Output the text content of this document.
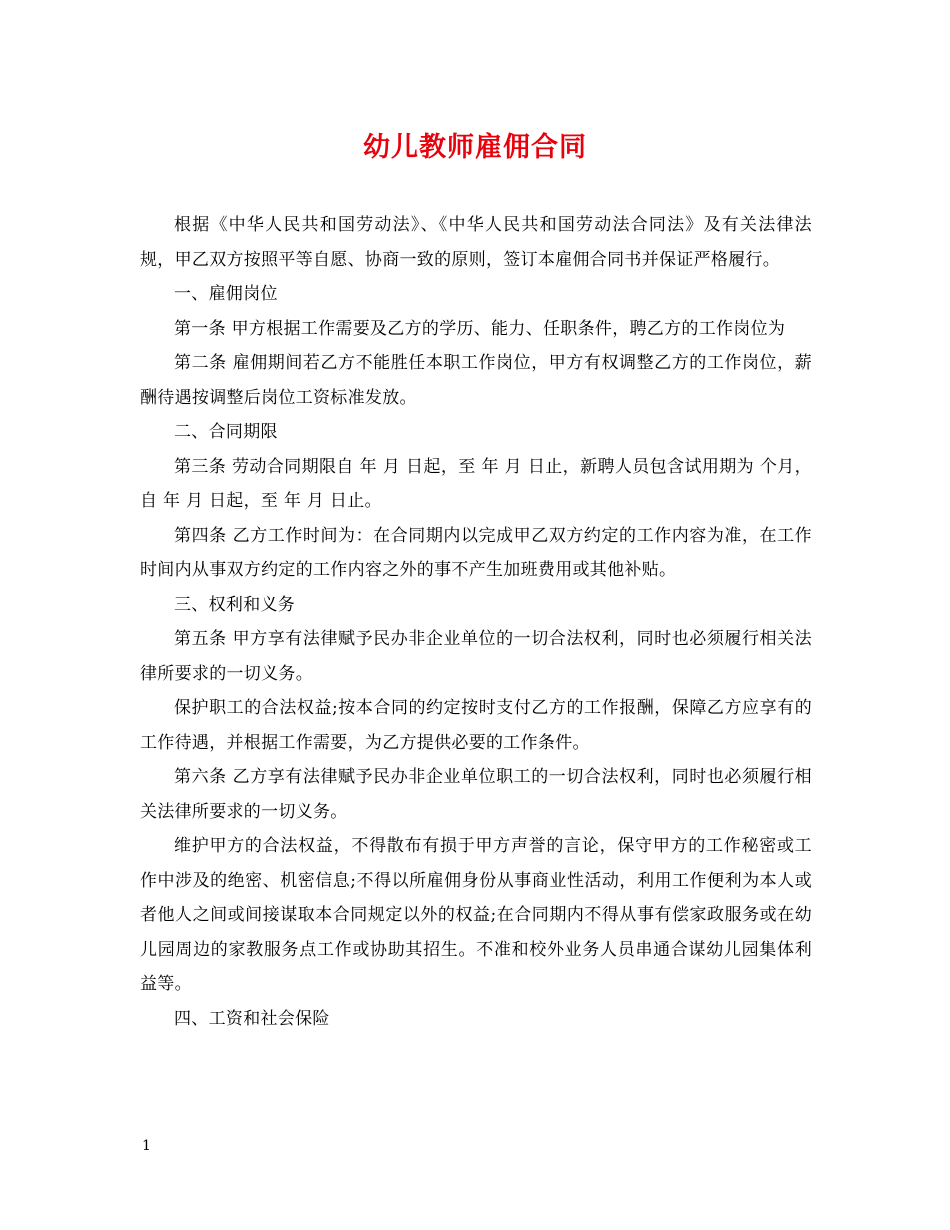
幼儿教师雇佣合同

根据《中华人民共和国劳动法》、《中华人民共和国劳动法合同法》及有关法律法规，甲乙双方按照平等自愿、协商一致的原则，签订本雇佣合同书并保证严格履行。

一、雇佣岗位

第一条 甲方根据工作需要及乙方的学历、能力、任职条件，聘乙方的工作岗位为

第二条 雇佣期间若乙方不能胜任本职工作岗位，甲方有权调整乙方的工作岗位，薪酬待遇按调整后岗位工资标准发放。

二、合同期限

第三条 劳动合同期限自 年 月 日起，至 年 月 日止，新聘人员包含试用期为 个月，自 年 月 日起，至 年 月 日止。

第四条 乙方工作时间为：在合同期内以完成甲乙双方约定的工作内容为准，在工作时间内从事双方约定的工作内容之外的事不产生加班费用或其他补贴。

三、权利和义务

第五条 甲方享有法律赋予民办非企业单位的一切合法权利，同时也必须履行相关法律所要求的一切义务。

保护职工的合法权益;按本合同的约定按时支付乙方的工作报酬，保障乙方应享有的工作待遇，并根据工作需要，为乙方提供必要的工作条件。

第六条 乙方享有法律赋予民办非企业单位职工的一切合法权利，同时也必须履行相关法律所要求的一切义务。

维护甲方的合法权益，不得散布有损于甲方声誉的言论，保守甲方的工作秘密或工作中涉及的绝密、机密信息;不得以所雇佣身份从事商业性活动，利用工作便利为本人或者他人之间或间接谋取本合同规定以外的权益;在合同期内不得从事有偿家政服务或在幼儿园周边的家教服务点工作或协助其招生。不准和校外业务人员串通合谋幼儿园集体利益等。

四、工资和社会保险

1
